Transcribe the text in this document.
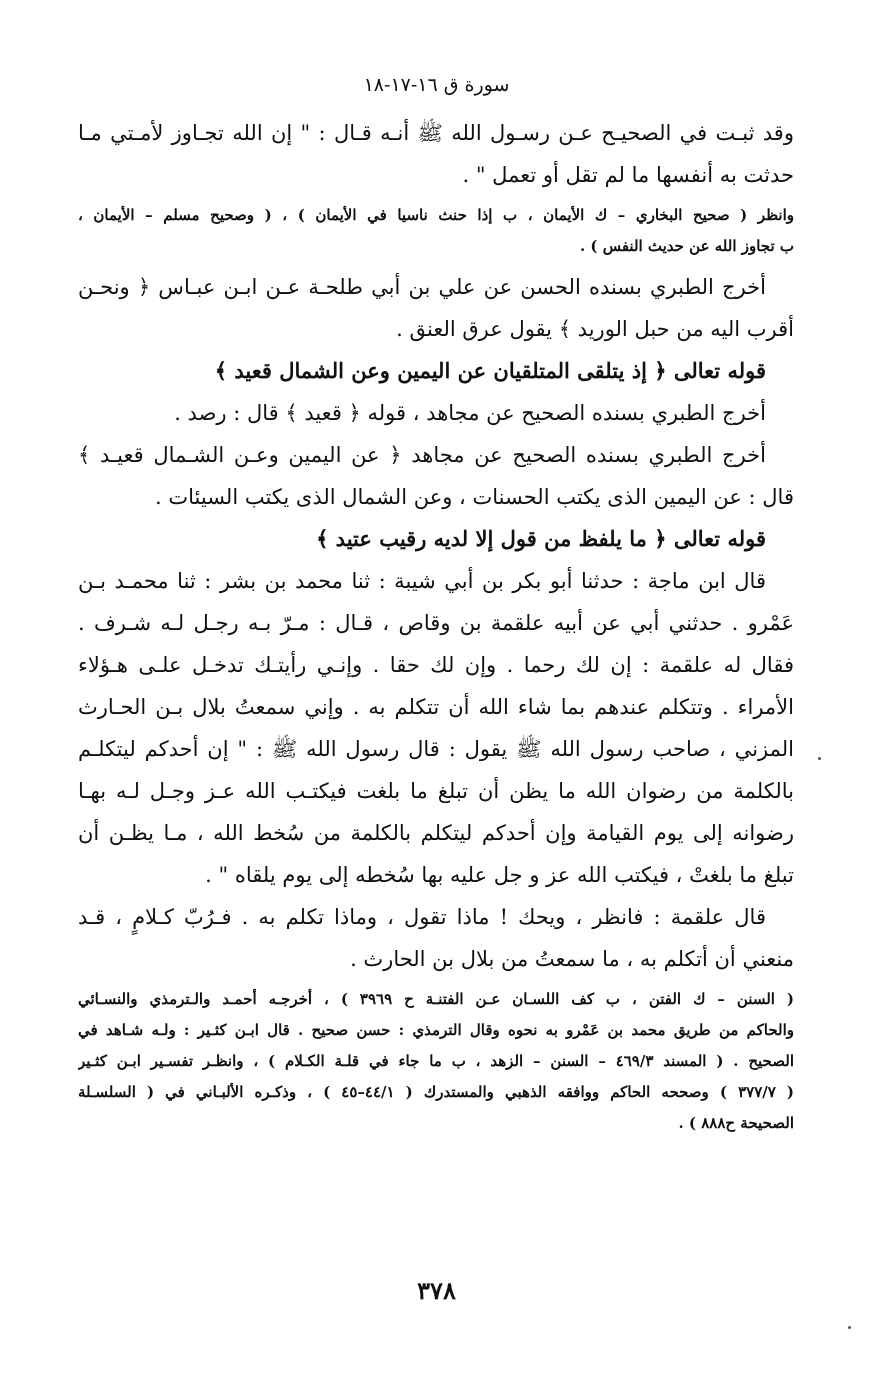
سورة ق ١٦-١٧-١٨
وقد ثبـت في الصحيـح عـن رسـول الله ﷺ أنـه قـال : " إن الله تجـاوز لأمـتي مـا
حدثت به أنفسها ما لم تقل أو تعمل " .
وانظر ( صحيح البخاري – ك الأيمان ، ب إذا حنث ناسيا في الأيمان ) ، ( وصحيح مسلم – الأيمان ،
ب تجاوز الله عن حديث النفس ) .
أخرج الطبري بسنده الحسن عن علي بن أبي طلحـة عـن ابـن عبـاس ﴿ ونحـن
أقرب اليه من حبل الوريد ﴾ يقول عرق العنق .
قوله تعالى ﴿ إذ يتلقى المتلقيان عن اليمين وعن الشمال قعيد ﴾
أخرج الطبري بسنده الصحيح عن مجاهد ، قوله ﴿ قعيد ﴾ قال : رصد .
أخرج الطبري بسنده الصحيح عن مجاهد ﴿ عن اليمين وعـن الشـمال قعيـد ﴾
قال : عن اليمين الذى يكتب الحسنات ، وعن الشمال الذى يكتب السيئات .
قوله تعالى ﴿ ما يلفظ من قول إلا لديه رقيب عتيد ﴾
قال ابن ماجة : حدثنا أبو بكر بن أبي شيبة : ثنا محمد بن بشر : ثنا محمـد بـن
عَمْرو . حدثني أبي عن أبيه علقمة بن وقاص ، قـال : مـرّ بـه رجـل لـه شـرف .
فقال له علقمة : إن لك رحما . وإن لك حقا . وإنـي رأيتـك تدخـل علـى هـؤلاء
الأمراء . وتتكلم عندهم بما شاء الله أن تتكلم به . وإني سمعتُ بلال بـن الحـارث
المزني ، صاحب رسول الله ﷺ يقول : قال رسول الله ﷺ : " إن أحدكم ليتكلـم
بالكلمة من رضوان الله ما يظن أن تبلغ ما بلغت فيكتـب الله عـز وجـل لـه بهـا
رضوانه إلى يوم القيامة وإن أحدكم ليتكلم بالكلمة من سُخط الله ، مـا يظـن أن
تبلغ ما بلغتْ ، فيكتب الله عز و جل عليه بها سُخطه إلى يوم يلقاه " .
قال علقمة : فانظر ، ويحك ! ماذا تقول ، وماذا تكلم به . فـرُبّ كـلامٍ ، قـد
منعني أن أتكلم به ، ما سمعتُ من بلال بن الحارث .
( السنن – ك الفتن ، ب كف اللسـان عـن الفتنـة ح ٣٩٦٩ ) ، أخرجـه أحمـد والـترمذي والنسـائي
والحاكم من طريق محمد بن عَمْرو به نحوه وقال الترمذي : حسن صحيح . قال ابـن كثـير : ولـه شـاهد في
الصحيح . ( المسند ٤٦٩/٣ – السنن – الزهد ، ب ما جاء في قلـة الكـلام ) ، وانظـر تفسـير ابـن كثـير
( ٣٧٧/٧ ) وصححه الحاكم ووافقه الذهبي والمستدرك ( ٤٤/١–٤٥ ) ، وذكـره الألبـاني في ( السلسـلة
الصحيحة ح٨٨٨ ) .
٣٧٨
